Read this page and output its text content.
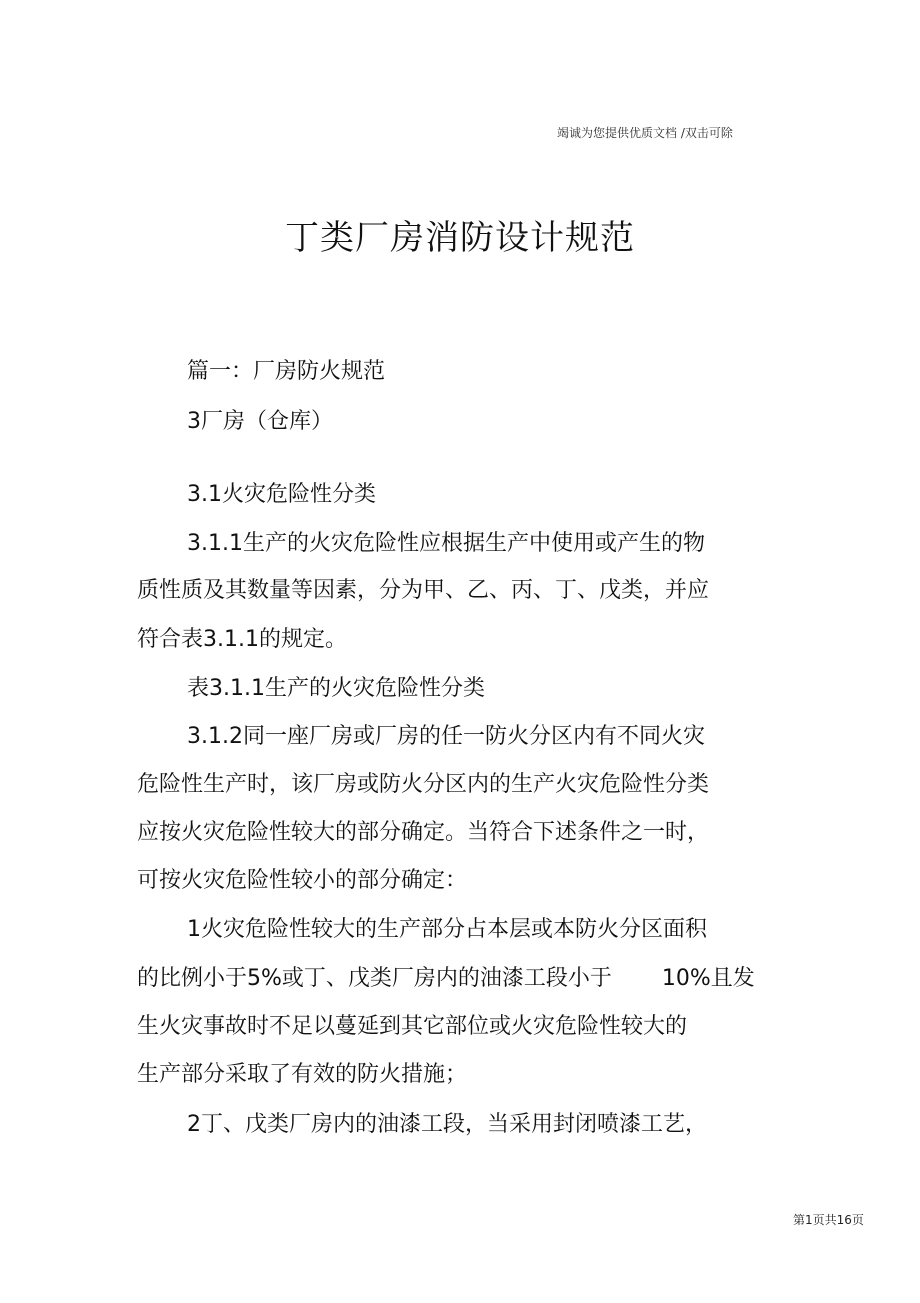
竭诚为您提供优质文档 /双击可除
丁类厂房消防设计规范
篇一：厂房防火规范
3厂房（仓库）
3.1火灾危险性分类
3.1.1生产的火灾危险性应根据生产中使用或产生的物
质性质及其数量等因素，分为甲、乙、丙、丁、戊类，并应
符合表3.1.1的规定。
表3.1.1生产的火灾危险性分类
3.1.2同一座厂房或厂房的任一防火分区内有不同火灾
危险性生产时，该厂房或防火分区内的生产火灾危险性分类
应按火灾危险性较大的部分确定。当符合下述条件之一时，
可按火灾危险性较小的部分确定：
1火灾危险性较大的生产部分占本层或本防火分区面积
的比例小于5%或丁、戊类厂房内的油漆工段小于 10%且发
生火灾事故时不足以蔓延到其它部位或火灾危险性较大的
生产部分采取了有效的防火措施；
2丁、戊类厂房内的油漆工段，当采用封闭喷漆工艺，
第1页共16页
